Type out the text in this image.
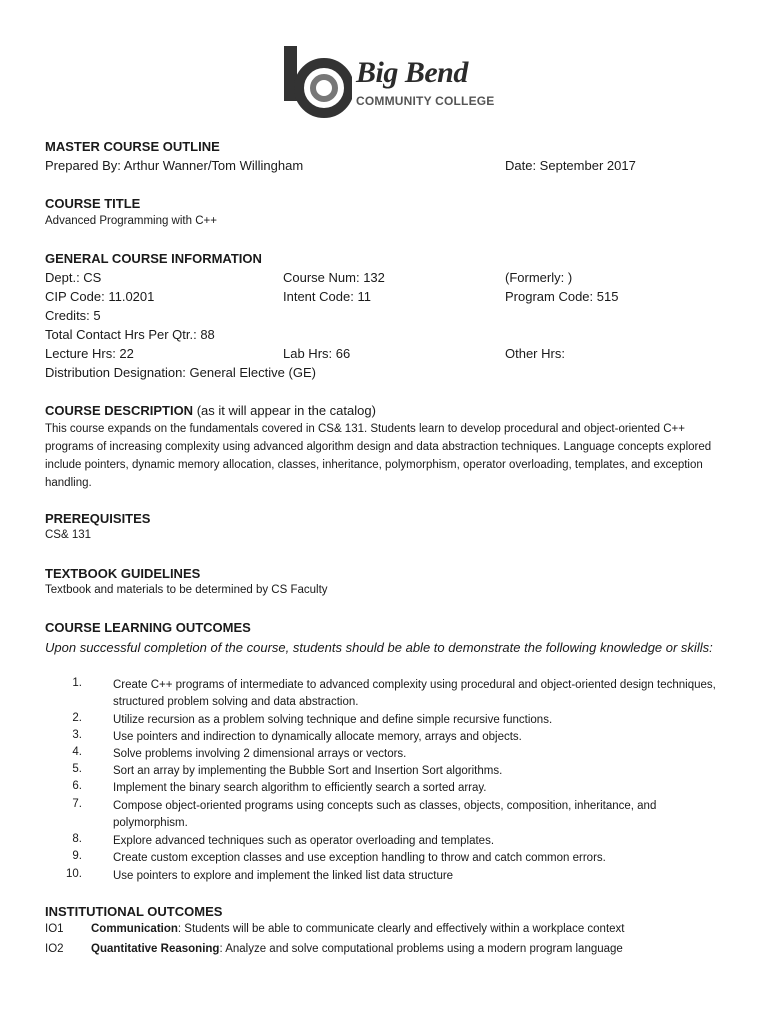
Big Bend
COMMUNITY COLLEGE
MASTER COURSE OUTLINE
Prepared By: Arthur Wanner/Tom Willingham	Date: September 2017
COURSE TITLE
Advanced Programming with C++
GENERAL COURSE INFORMATION
Dept.: CS	Course Num: 132	(Formerly: )
CIP Code: 11.0201	Intent Code: 11	Program Code: 515
Credits: 5
Total Contact Hrs Per Qtr.: 88
Lecture Hrs: 22	Lab Hrs: 66	Other Hrs:
Distribution Designation: General Elective (GE)
COURSE DESCRIPTION (as it will appear in the catalog)
This course expands on the fundamentals covered in CS& 131. Students learn to develop procedural and object-oriented C++ programs of increasing complexity using advanced algorithm design and data abstraction techniques. Language concepts explored include pointers, dynamic memory allocation, classes, inheritance, polymorphism, operator overloading, templates, and exception handling.
PREREQUISITES
CS& 131
TEXTBOOK GUIDELINES
Textbook and materials to be determined by CS Faculty
COURSE LEARNING OUTCOMES
Upon successful completion of the course, students should be able to demonstrate the following knowledge or skills:
1.	Create C++ programs of intermediate to advanced complexity using procedural and object-oriented design techniques, structured problem solving and data abstraction.
2.	Utilize recursion as a problem solving technique and define simple recursive functions.
3.	Use pointers and indirection to dynamically allocate memory, arrays and objects.
4.	Solve problems involving 2 dimensional arrays or vectors.
5.	Sort an array by implementing the Bubble Sort and Insertion Sort algorithms.
6.	Implement the binary search algorithm to efficiently search a sorted array.
7.	Compose object-oriented programs using concepts such as classes, objects, composition, inheritance, and polymorphism.
8.	Explore advanced techniques such as operator overloading and templates.
9.	Create custom exception classes and use exception handling to throw and catch common errors.
10.	Use pointers to explore and implement the linked list data structure
INSTITUTIONAL OUTCOMES
IO1 Communication: Students will be able to communicate clearly and effectively within a workplace context
IO2 Quantitative Reasoning: Analyze and solve computational problems using a modern program language
